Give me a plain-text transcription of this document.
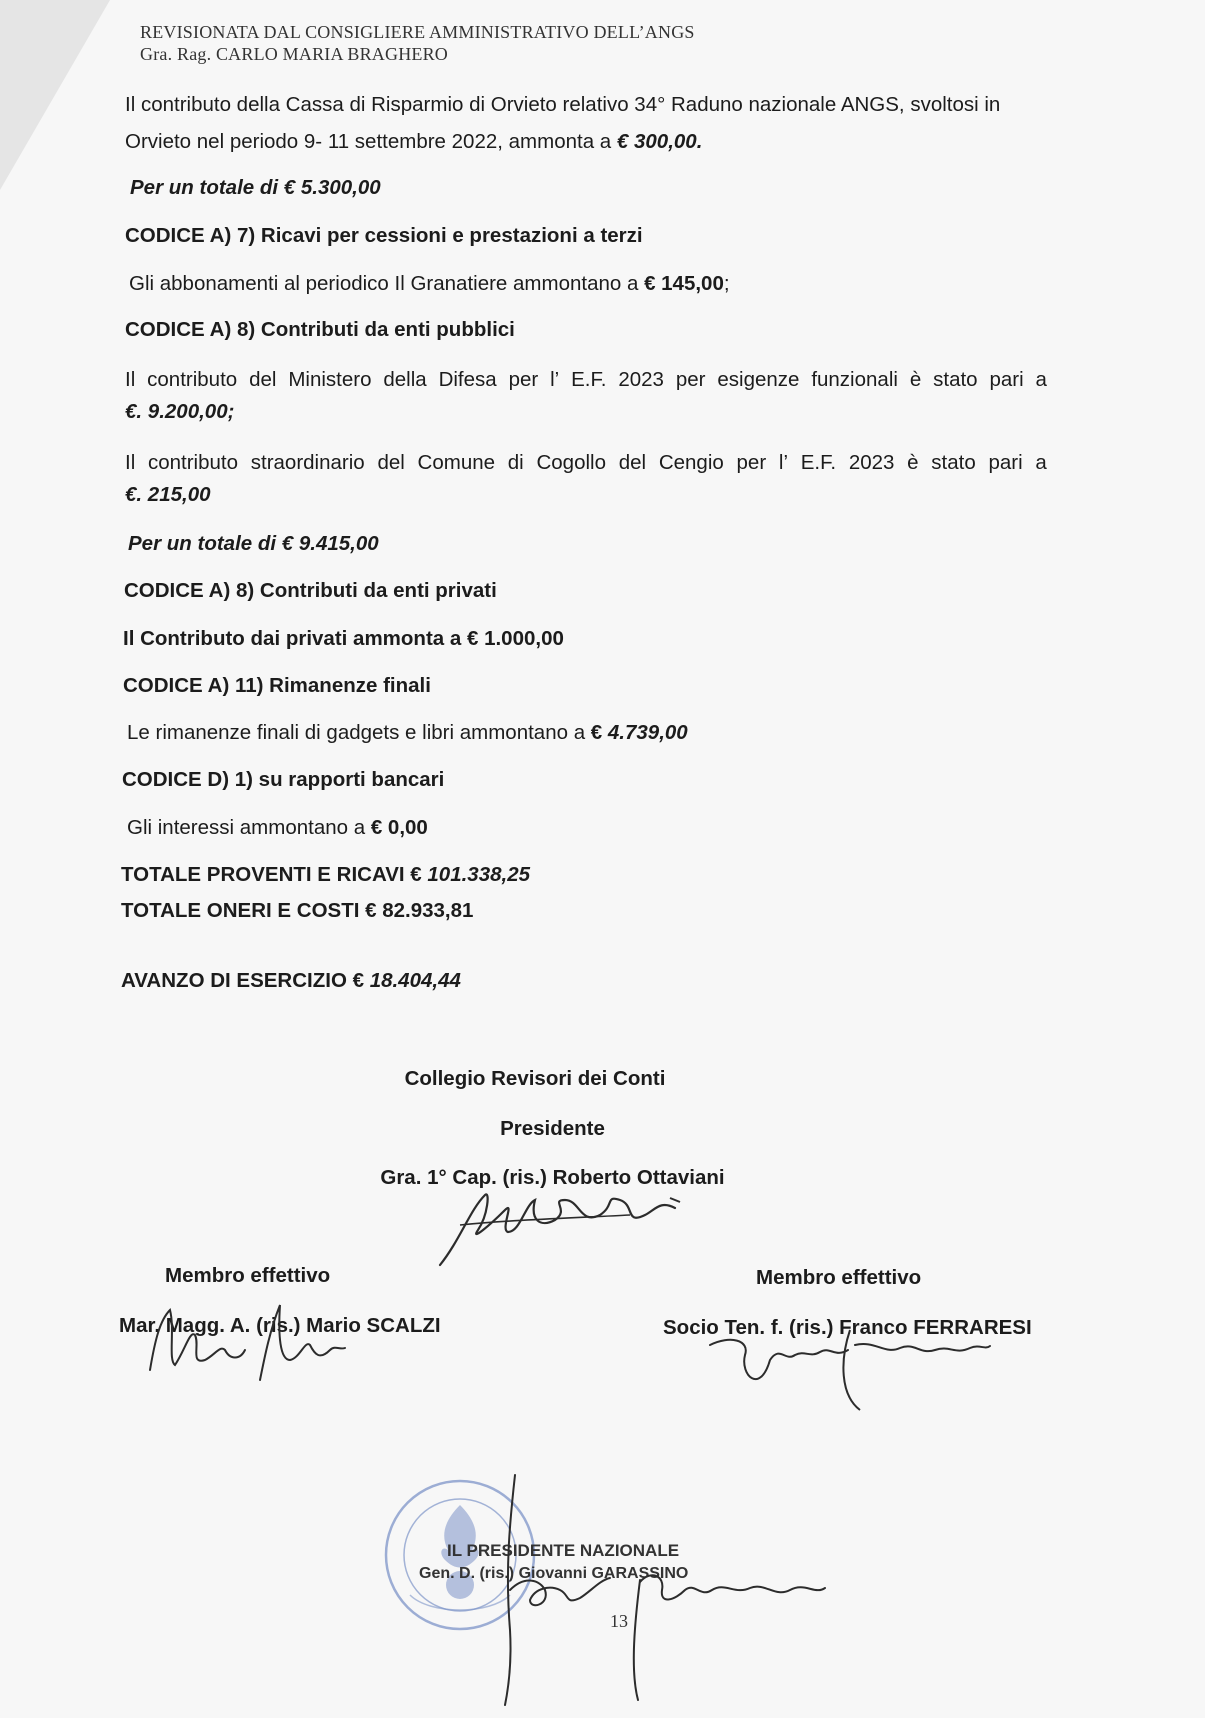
REVISIONATA DAL CONSIGLIERE AMMINISTRATIVO DELL’ANGS
Gra. Rag. CARLO MARIA BRAGHERO
Il contributo della Cassa di Risparmio di Orvieto relativo 34° Raduno nazionale ANGS, svoltosi in
Orvieto nel periodo 9- 11 settembre 2022, ammonta a € 300,00.
Per un totale di € 5.300,00
CODICE A) 7) Ricavi per cessioni e prestazioni a terzi
Gli abbonamenti al periodico Il Granatiere ammontano a € 145,00;
CODICE A) 8) Contributi da enti pubblici
Il contributo del Ministero della Difesa per l’ E.F. 2023 per esigenze funzionali è stato pari a
€. 9.200,00;
Il contributo straordinario del Comune di Cogollo del Cengio per l’ E.F. 2023 è stato pari a
€. 215,00
Per un totale di € 9.415,00
CODICE A) 8) Contributi da enti privati
Il Contributo dai privati ammonta a € 1.000,00
CODICE A) 11) Rimanenze finali
Le rimanenze finali di gadgets e libri ammontano a € 4.739,00
CODICE D) 1) su rapporti bancari
Gli interessi ammontano a € 0,00
TOTALE PROVENTI E RICAVI € 101.338,25
TOTALE ONERI E COSTI € 82.933,81
AVANZO DI ESERCIZIO € 18.404,44
Collegio Revisori dei Conti
Presidente
Gra. 1° Cap. (ris.) Roberto Ottaviani
Membro effettivo	Membro effettivo
Mar. Magg. A. (ris.) Mario SCALZI	Socio Ten. f. (ris.) Franco FERRARESI
IL PRESIDENTE NAZIONALE
Gen. D. (ris.) Giovanni GARASSINO
13
